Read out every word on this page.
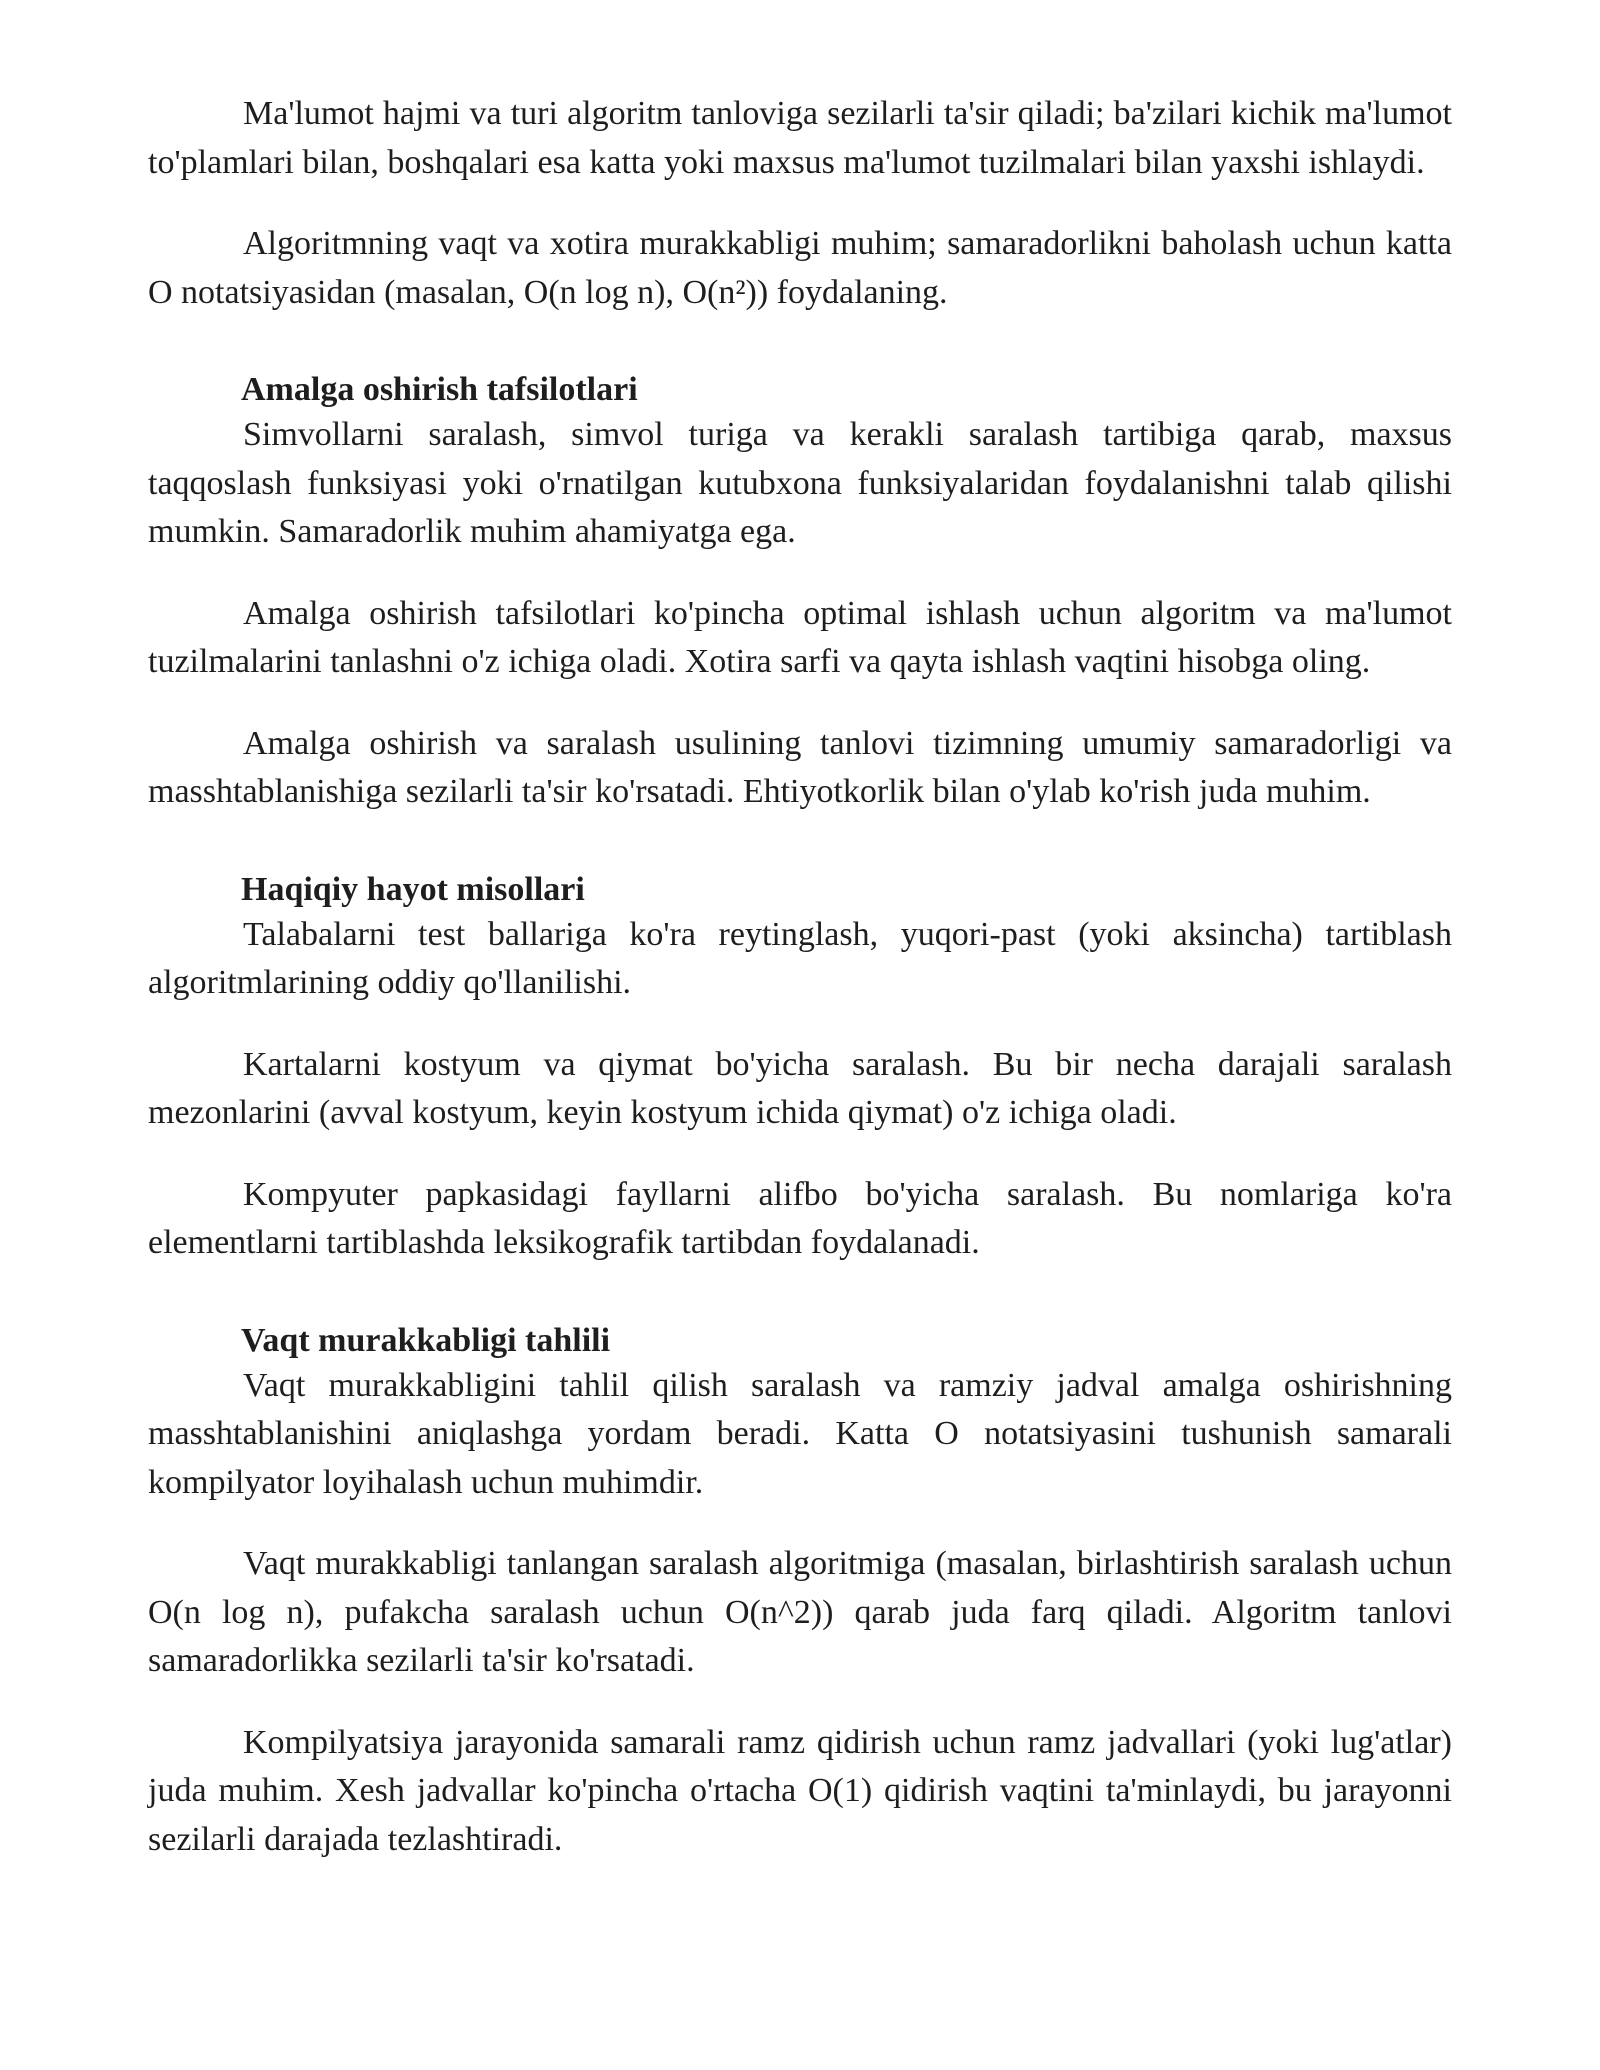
Ma'lumot hajmi va turi algoritm tanloviga sezilarli ta'sir qiladi; ba'zilari kichik ma'lumot to'plamlari bilan, boshqalari esa katta yoki maxsus ma'lumot tuzilmalari bilan yaxshi ishlaydi.

Algoritmning vaqt va xotira murakkabligi muhim; samaradorlikni baholash uchun katta O notatsiyasidan (masalan, O(n log n), O(n²)) foydalaning.

Amalga oshirish tafsilotlari

Simvollarni saralash, simvol turiga va kerakli saralash tartibiga qarab, maxsus taqqoslash funksiyasi yoki o'rnatilgan kutubxona funksiyalaridan foydalanishni talab qilishi mumkin. Samaradorlik muhim ahamiyatga ega.

Amalga oshirish tafsilotlari ko'pincha optimal ishlash uchun algoritm va ma'lumot tuzilmalarini tanlashni o'z ichiga oladi. Xotira sarfi va qayta ishlash vaqtini hisobga oling.

Amalga oshirish va saralash usulining tanlovi tizimning umumiy samaradorligi va masshtablanishiga sezilarli ta'sir ko'rsatadi. Ehtiyotkorlik bilan o'ylab ko'rish juda muhim.

Haqiqiy hayot misollari

Talabalarni test ballariga ko'ra reytinglash, yuqori-past (yoki aksincha) tartiblash algoritmlarining oddiy qo'llanilishi.

Kartalarni kostyum va qiymat bo'yicha saralash. Bu bir necha darajali saralash mezonlarini (avval kostyum, keyin kostyum ichida qiymat) o'z ichiga oladi.

Kompyuter papkasidagi fayllarni alifbo bo'yicha saralash. Bu nomlariga ko'ra elementlarni tartiblashda leksikografik tartibdan foydalanadi.

Vaqt murakkabligi tahlili

Vaqt murakkabligini tahlil qilish saralash va ramziy jadval amalga oshirishning masshtablanishini aniqlashga yordam beradi. Katta O notatsiyasini tushunish samarali kompilyator loyihalash uchun muhimdir.

Vaqt murakkabligi tanlangan saralash algoritmiga (masalan, birlashtirish saralash uchun O(n log n), pufakcha saralash uchun O(n^2)) qarab juda farq qiladi. Algoritm tanlovi samaradorlikka sezilarli ta'sir ko'rsatadi.

Kompilyatsiya jarayonida samarali ramz qidirish uchun ramz jadvallari (yoki lug'atlar) juda muhim. Xesh jadvallar ko'pincha o'rtacha O(1) qidirish vaqtini ta'minlaydi, bu jarayonni sezilarli darajada tezlashtiradi.
